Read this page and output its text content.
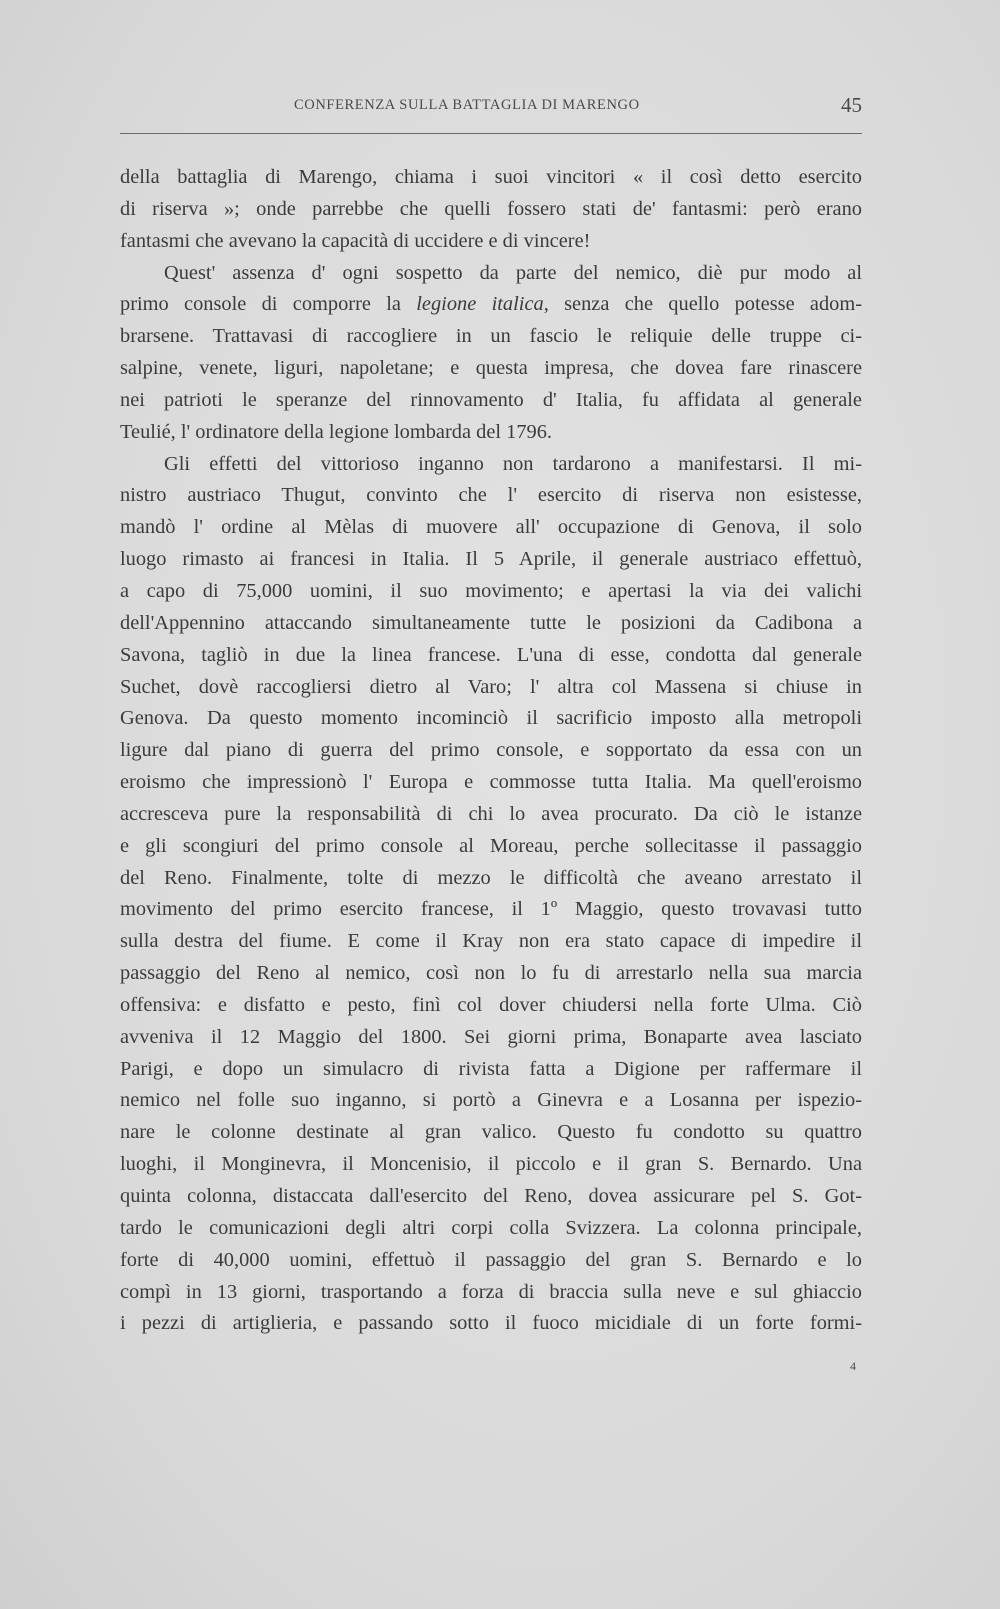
CONFERENZA SULLA BATTAGLIA DI MARENGO	45
della battaglia di Marengo, chiama i suoi vincitori « il così detto esercito
di riserva »; onde parrebbe che quelli fossero stati de' fantasmi: però erano
fantasmi che avevano la capacità di uccidere e di vincere!
Quest' assenza d' ogni sospetto da parte del nemico, diè pur modo al
primo console di comporre la legione italica, senza che quello potesse adom-
brarsene. Trattavasi di raccogliere in un fascio le reliquie delle truppe ci-
salpine, venete, liguri, napoletane; e questa impresa, che dovea fare rinascere
nei patrioti le speranze del rinnovamento d' Italia, fu affidata al generale
Teulié, l' ordinatore della legione lombarda del 1796.
Gli effetti del vittorioso inganno non tardarono a manifestarsi. Il mi-
nistro austriaco Thugut, convinto che l' esercito di riserva non esistesse,
mandò l' ordine al Mèlas di muovere all' occupazione di Genova, il solo
luogo rimasto ai francesi in Italia. Il 5 Aprile, il generale austriaco effettuò,
a capo di 75,000 uomini, il suo movimento; e apertasi la via dei valichi
dell'Appennino attaccando simultaneamente tutte le posizioni da Cadibona a
Savona, tagliò in due la linea francese. L'una di esse, condotta dal generale
Suchet, dovè raccogliersi dietro al Varo; l' altra col Massena si chiuse in
Genova. Da questo momento incominciò il sacrificio imposto alla metropoli
ligure dal piano di guerra del primo console, e sopportato da essa con un
eroismo che impressionò l' Europa e commosse tutta Italia. Ma quell'eroismo
accresceva pure la responsabilità di chi lo avea procurato. Da ciò le istanze
e gli scongiuri del primo console al Moreau, perche sollecitasse il passaggio
del Reno. Finalmente, tolte di mezzo le difficoltà che aveano arrestato il
movimento del primo esercito francese, il 1º Maggio, questo trovavasi tutto
sulla destra del fiume. E come il Kray non era stato capace di impedire il
passaggio del Reno al nemico, così non lo fu di arrestarlo nella sua marcia
offensiva: e disfatto e pesto, finì col dover chiudersi nella forte Ulma. Ciò
avveniva il 12 Maggio del 1800. Sei giorni prima, Bonaparte avea lasciato
Parigi, e dopo un simulacro di rivista fatta a Digione per raffermare il
nemico nel folle suo inganno, si portò a Ginevra e a Losanna per ispezio-
nare le colonne destinate al gran valico. Questo fu condotto su quattro
luoghi, il Monginevra, il Moncenisio, il piccolo e il gran S. Bernardo. Una
quinta colonna, distaccata dall'esercito del Reno, dovea assicurare pel S. Got-
tardo le comunicazioni degli altri corpi colla Svizzera. La colonna principale,
forte di 40,000 uomini, effettuò il passaggio del gran S. Bernardo e lo
compì in 13 giorni, trasportando a forza di braccia sulla neve e sul ghiaccio
i pezzi di artiglieria, e passando sotto il fuoco micidiale di un forte formi-
4
